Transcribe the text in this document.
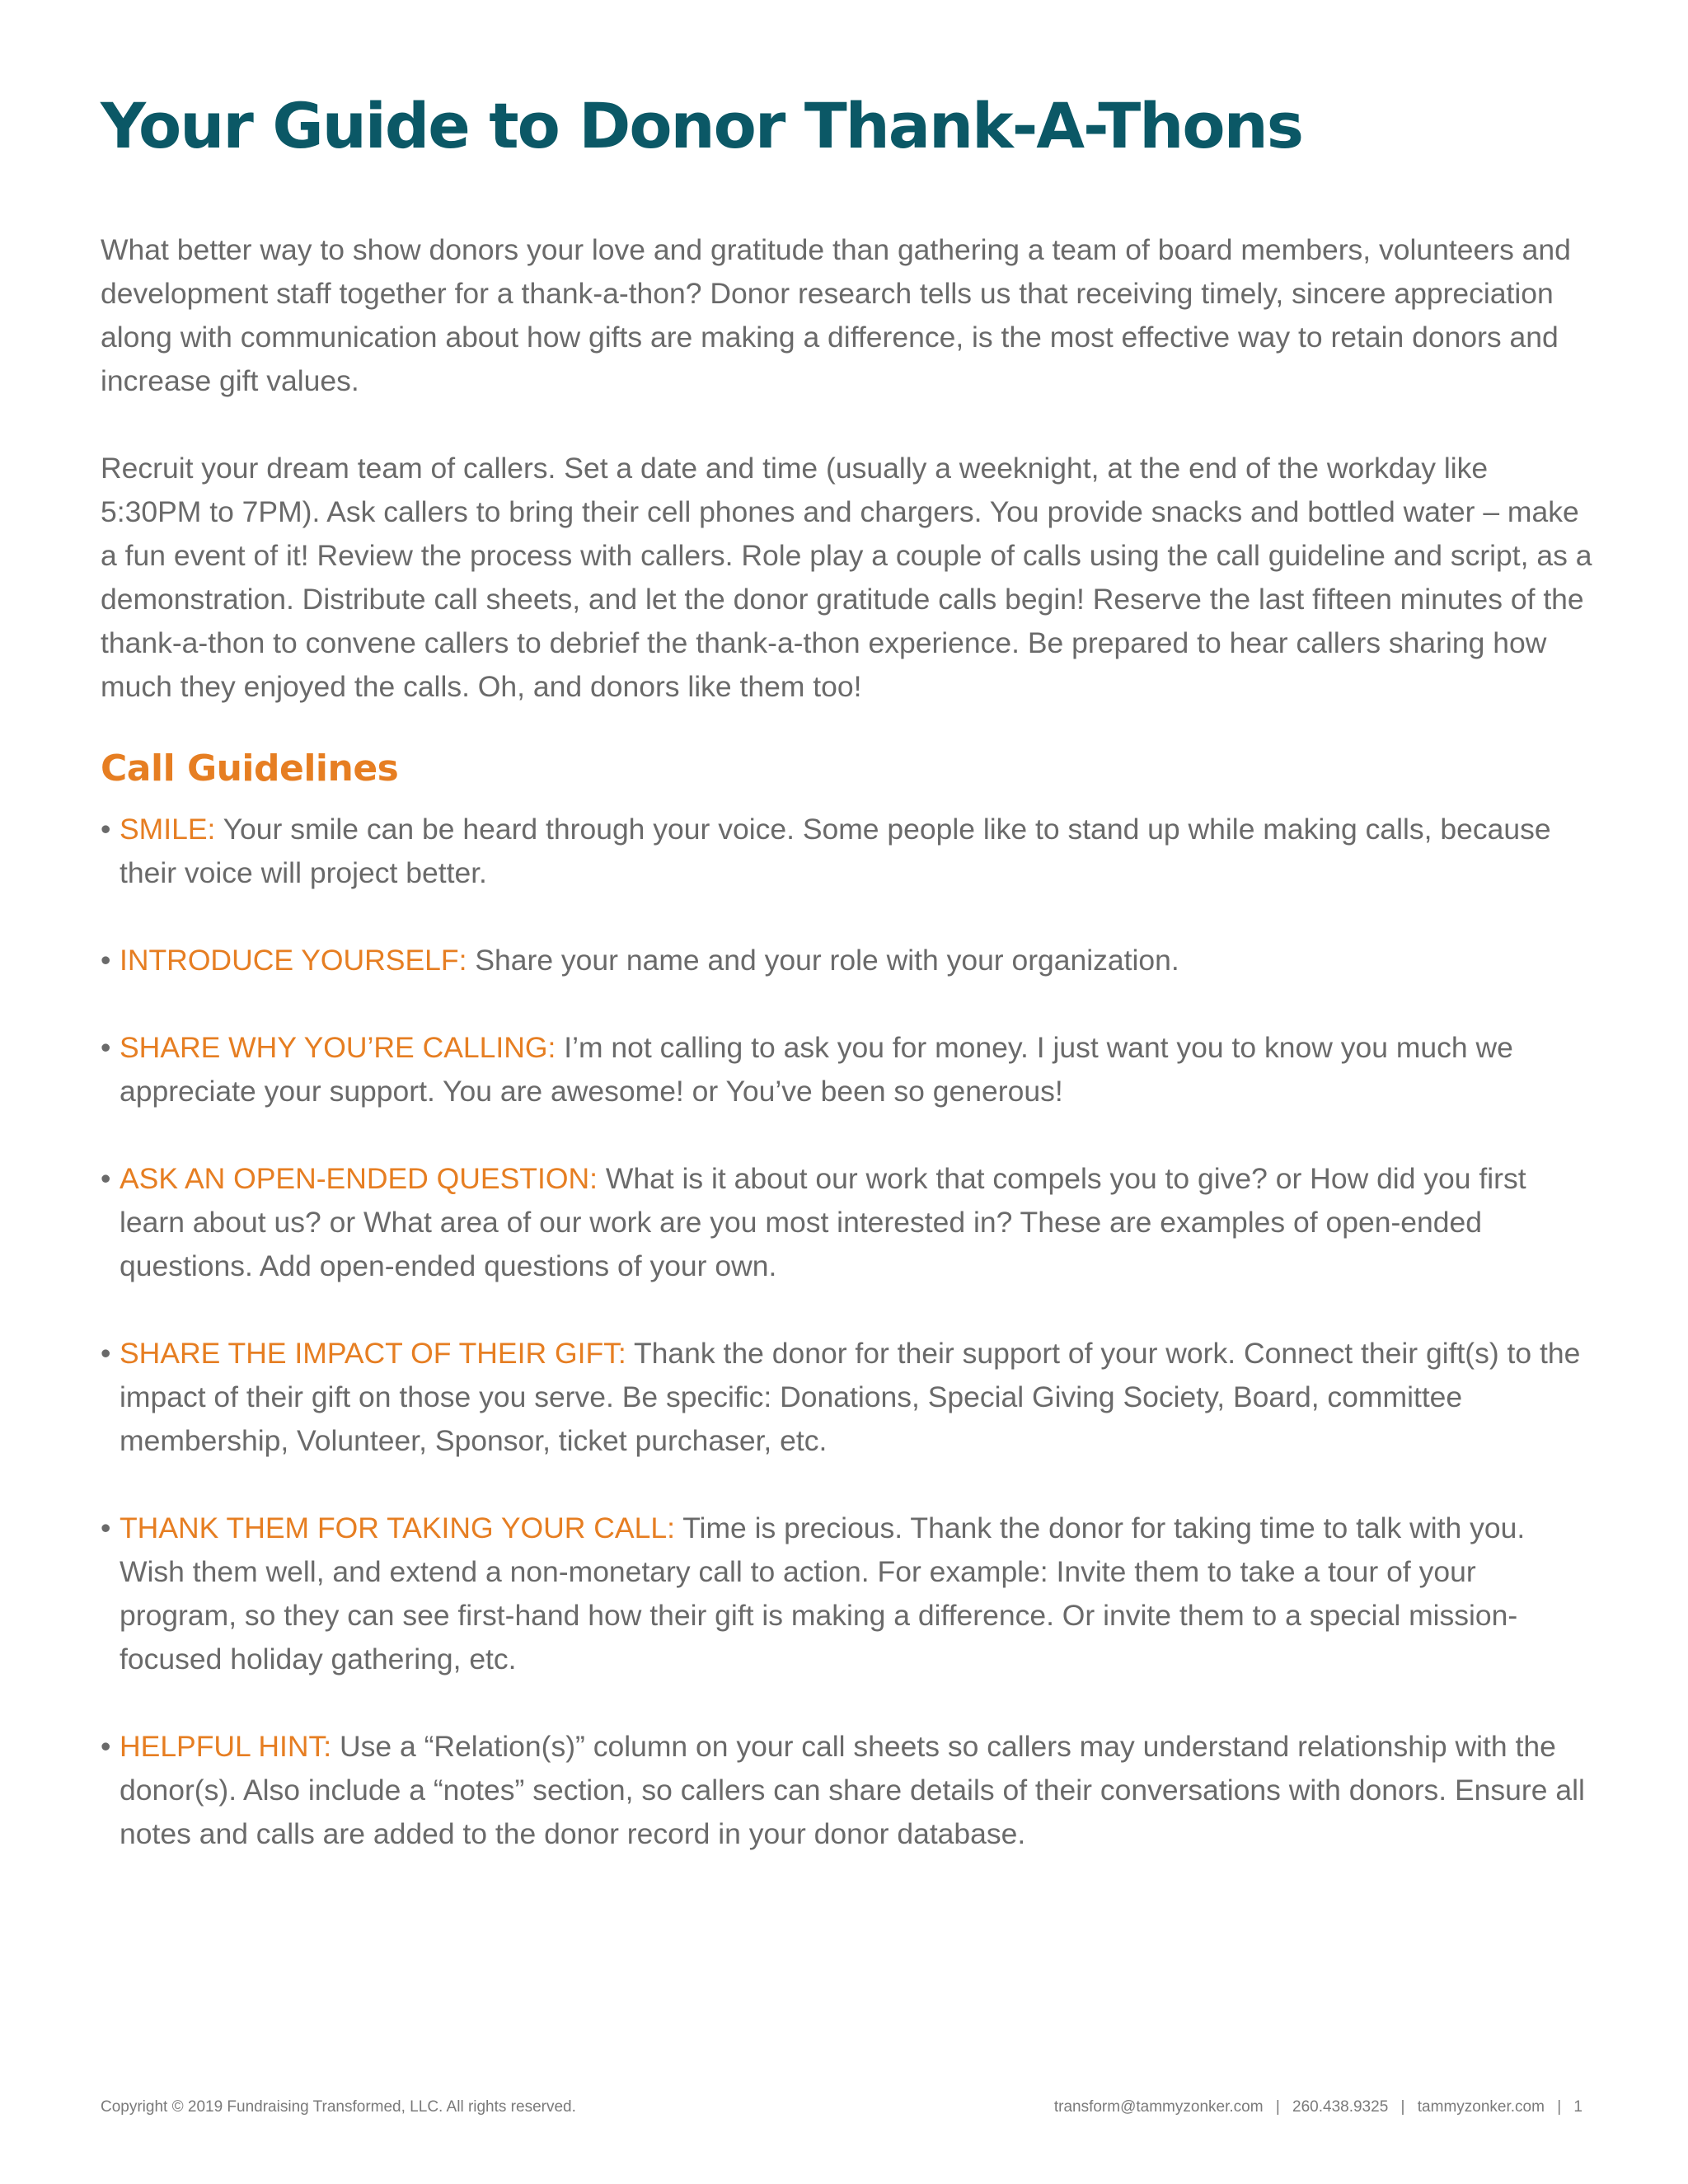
Your Guide to Donor Thank-A-Thons

What better way to show donors your love and gratitude than gathering a team of board members, volunteers and development staff together for a thank-a-thon? Donor research tells us that receiving timely, sincere appreciation along with communication about how gifts are making a difference, is the most effective way to retain donors and increase gift values.

Recruit your dream team of callers. Set a date and time (usually a weeknight, at the end of the workday like 5:30PM to 7PM). Ask callers to bring their cell phones and chargers. You provide snacks and bottled water – make a fun event of it! Review the process with callers. Role play a couple of calls using the call guideline and script, as a demonstration. Distribute call sheets, and let the donor gratitude calls begin! Reserve the last fifteen minutes of the thank-a-thon to convene callers to debrief the thank-a-thon experience. Be prepared to hear callers sharing how much they enjoyed the calls. Oh, and donors like them too!

Call Guidelines
• SMILE: Your smile can be heard through your voice. Some people like to stand up while making calls, because their voice will project better.
• INTRODUCE YOURSELF: Share your name and your role with your organization.
• SHARE WHY YOU’RE CALLING: I’m not calling to ask you for money. I just want you to know you much we appreciate your support. You are awesome! or You’ve been so generous!
• ASK AN OPEN-ENDED QUESTION: What is it about our work that compels you to give? or How did you first learn about us? or What area of our work are you most interested in? These are examples of open-ended questions. Add open-ended questions of your own.
• SHARE THE IMPACT OF THEIR GIFT: Thank the donor for their support of your work. Connect their gift(s) to the impact of their gift on those you serve. Be specific: Donations, Special Giving Society, Board, committee membership, Volunteer, Sponsor, ticket purchaser, etc.
• THANK THEM FOR TAKING YOUR CALL: Time is precious. Thank the donor for taking time to talk with you. Wish them well, and extend a non-monetary call to action. For example: Invite them to take a tour of your program, so they can see first-hand how their gift is making a difference. Or invite them to a special mission-focused holiday gathering, etc.
• HELPFUL HINT: Use a “Relation(s)” column on your call sheets so callers may understand relationship with the donor(s). Also include a “notes” section, so callers can share details of their conversations with donors. Ensure all notes and calls are added to the donor record in your donor database.
Copyright © 2019 Fundraising Transformed, LLC. All rights reserved.	transform@tammyzonker.com | 260.438.9325 | tammyzonker.com | 1
